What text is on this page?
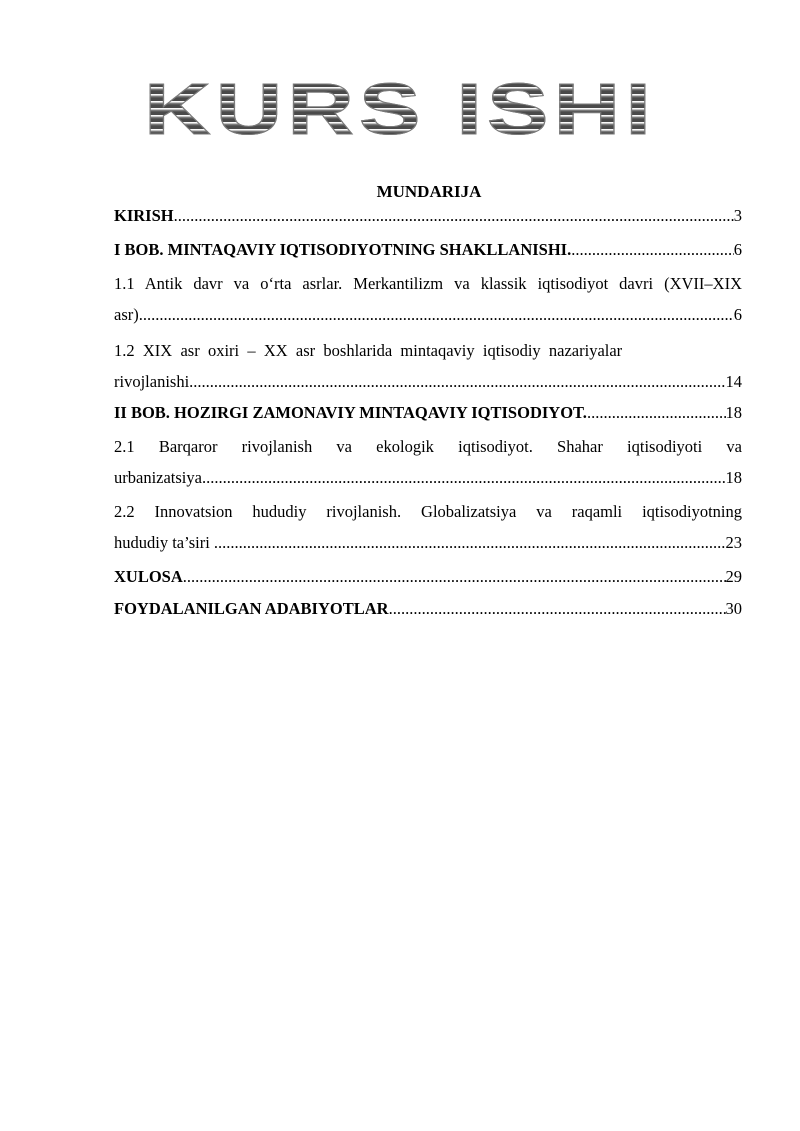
KURS ISHI
MUNDARIJA
KIRISH .....	3
I BOB. MINTAQAVIY IQTISODIYOTNING SHAKLLANISHI. .....	6
1.1 Antik davr va o‘rta asrlar. Merkantilizm va klassik iqtisodiyot davri (XVII–XIX
asr) .....	6
1.2  XIX  asr  oxiri  –  XX  asr  boshlarida  mintaqaviy  iqtisodiy  nazariyalar
rivojlanishi .....	14
II BOB. HOZIRGI ZAMONAVIY MINTAQAVIY IQTISODIYOT. .....	18
2.1 Barqaror rivojlanish va ekologik iqtisodiyot. Shahar iqtisodiyoti va
urbanizatsiya .....	18
2.2 Innovatsion hududiy rivojlanish. Globalizatsiya va raqamli iqtisodiyotning
hududiy ta’siri .....	23
XULOSA .....	29
FOYDALANILGAN ADABIYOTLAR .....	30
